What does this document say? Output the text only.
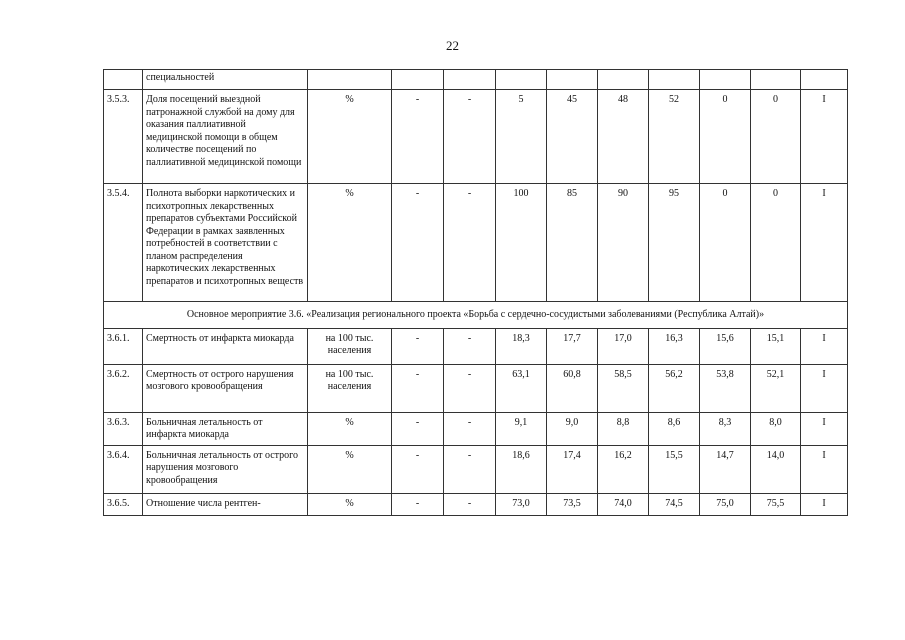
22
	специальностей										
3.5.3.	Доля посещений выездной патронажной службой на дому для оказания паллиативной медицинской помощи в общем количестве посещений по паллиативной медицинской помощи	%	-	-	5	45	48	52	0	0	I
3.5.4.	Полнота выборки наркотических и психотропных лекарственных препаратов субъектами Российской Федерации в рамках заявленных потребностей в соответствии с планом распределения наркотических лекарственных препаратов и психотропных веществ	%	-	-	100	85	90	95	0	0	I
Основное мероприятие 3.6. «Реализация регионального проекта «Борьба с сердечно-сосудистыми заболеваниями (Республика Алтай)»											
3.6.1.	Смертность от инфаркта миокарда	на 100 тыс. населения	-	-	18,3	17,7	17,0	16,3	15,6	15,1	I
3.6.2.	Смертность от острого нарушения мозгового кровообращения	на 100 тыс. населения	-	-	63,1	60,8	58,5	56,2	53,8	52,1	I
3.6.3.	Больничная летальность от инфаркта миокарда	%	-	-	9,1	9,0	8,8	8,6	8,3	8,0	I
3.6.4.	Больничная летальность от острого нарушения мозгового кровообращения	%	-	-	18,6	17,4	16,2	15,5	14,7	14,0	I
3.6.5.	Отношение числа рентген-	%	-	-	73,0	73,5	74,0	74,5	75,0	75,5	I
